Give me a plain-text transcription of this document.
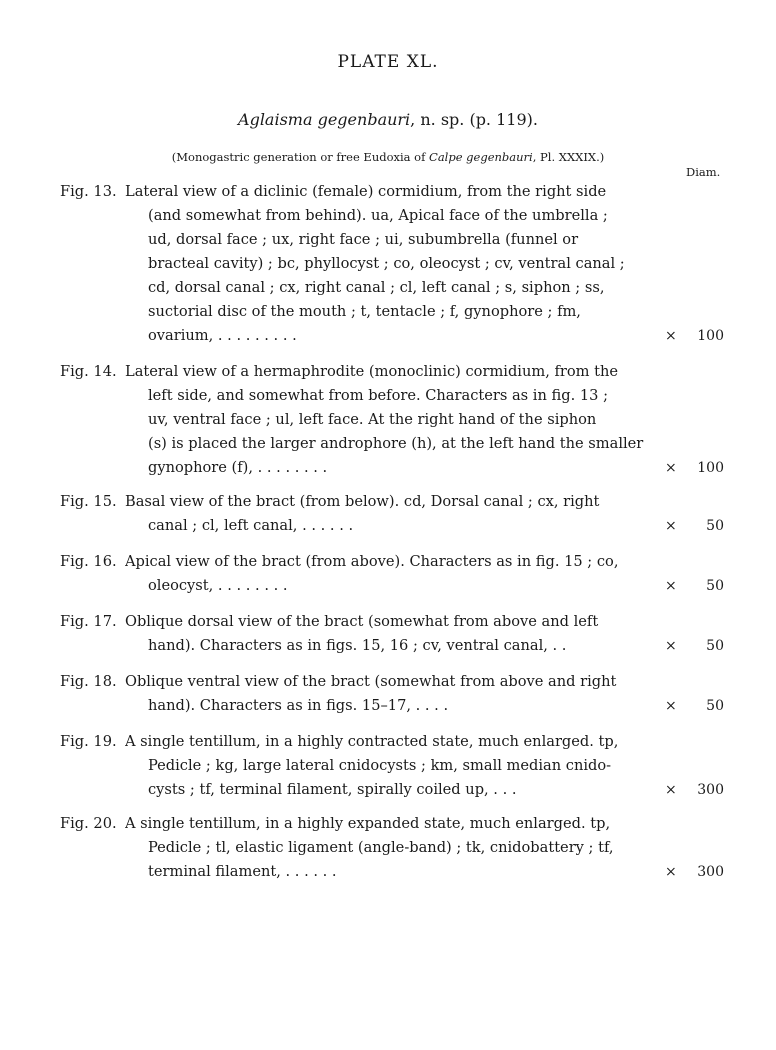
PLATE XL.
Aglaisma gegenbauri, n. sp. (p. 119).
(Monogastric generation or free Eudoxia of Calpe gegenbauri, Pl. XXXIX.)
Diam.
Fig. 13. Lateral view of a diclinic (female) cormidium, from the right side
(and somewhat from behind). ua, Apical face of the umbrella ;
ud, dorsal face ; ux, right face ; ui, subumbrella (funnel or
bracteal cavity) ; bc, phyllocyst ; co, oleocyst ; cv, ventral canal ;
cd, dorsal canal ; cx, right canal ; cl, left canal ; s, siphon ; ss,
suctorial disc of the mouth ; t, tentacle ; f, gynophore ; fm,
ovarium, . . . . . . . . .	×	100
Fig. 14. Lateral view of a hermaphrodite (monoclinic) cormidium, from the
left side, and somewhat from before. Characters as in fig. 13 ;
uv, ventral face ; ul, left face. At the right hand of the siphon
(s) is placed the larger androphore (h), at the left hand the smaller
gynophore (f), . . . . . . . .	×	100
Fig. 15. Basal view of the bract (from below). cd, Dorsal canal ; cx, right
canal ; cl, left canal, . . . . . .	×	50
Fig. 16. Apical view of the bract (from above). Characters as in fig. 15 ; co,
oleocyst, . . . . . . . .	×	50
Fig. 17. Oblique dorsal view of the bract (somewhat from above and left
hand). Characters as in figs. 15, 16 ; cv, ventral canal, . .	×	50
Fig. 18. Oblique ventral view of the bract (somewhat from above and right
hand). Characters as in figs. 15–17, . . . .	×	50
Fig. 19. A single tentillum, in a highly contracted state, much enlarged. tp,
Pedicle ; kg, large lateral cnidocysts ; km, small median cnido-
cysts ; tf, terminal filament, spirally coiled up, . . .	×	300
Fig. 20. A single tentillum, in a highly expanded state, much enlarged. tp,
Pedicle ; tl, elastic ligament (angle-band) ; tk, cnidobattery ; tf,
terminal filament, . . . . . .	×	300
